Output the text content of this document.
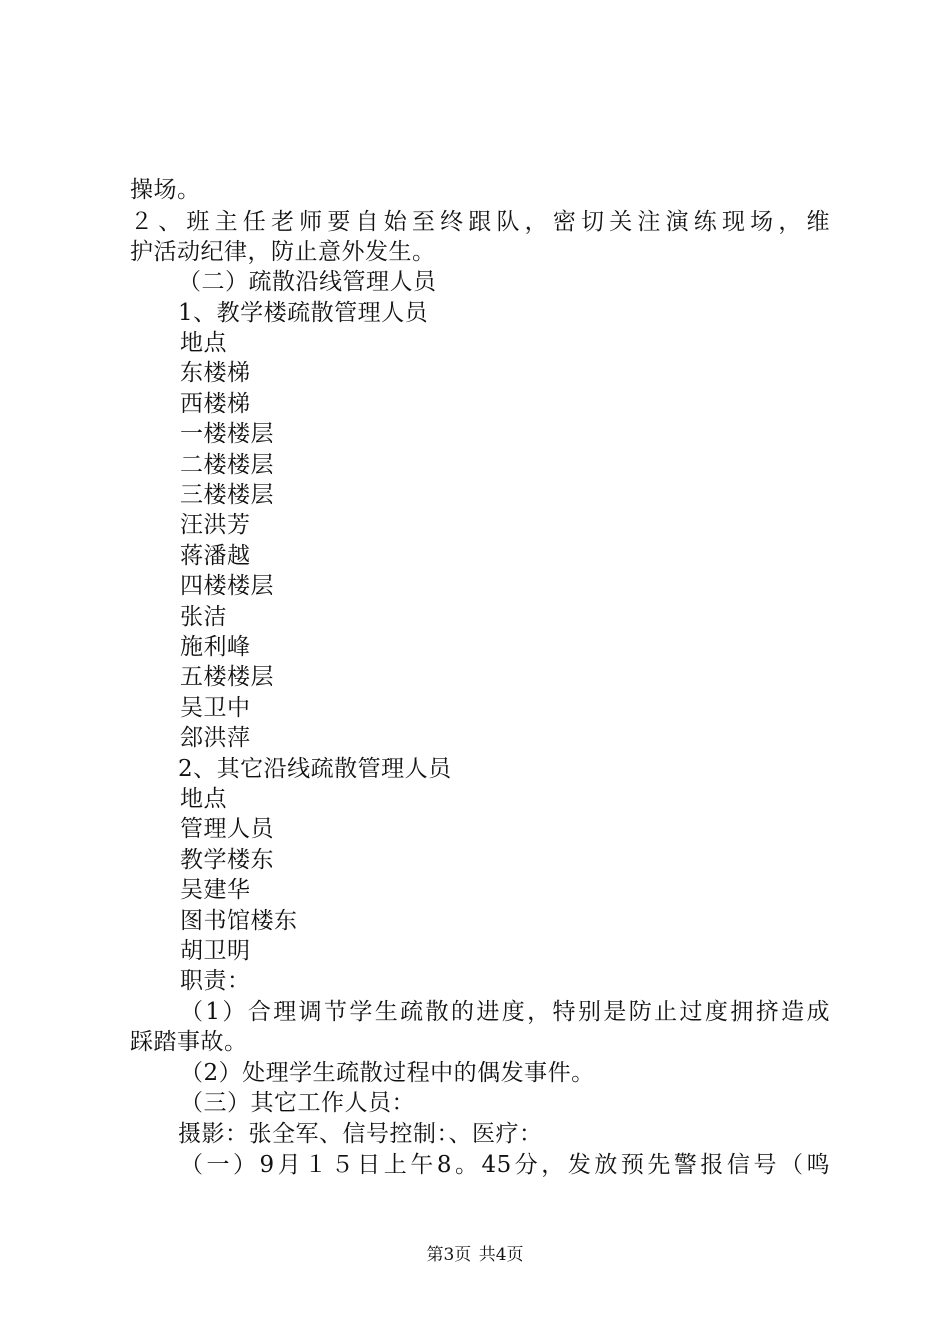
操场。
２、班主任老师要自始至终跟队，密切关注演练现场，维
护活动纪律，防止意外发生。
（二）疏散沿线管理人员
1、教学楼疏散管理人员
地点
东楼梯
西楼梯
一楼楼层
二楼楼层
三楼楼层
汪洪芳
蒋潘越
四楼楼层
张洁
施利峰
五楼楼层
吴卫中
郐洪萍
2、其它沿线疏散管理人员
地点
管理人员
教学楼东
吴建华
图书馆楼东
胡卫明
职责：
（1）合理调节学生疏散的进度，特别是防止过度拥挤造成
踩踏事故。
（2）处理学生疏散过程中的偶发事件。
（三）其它工作人员：
摄影：张全军、信号控制：、医疗：
（一）9月１５日上午8。45分，发放预先警报信号（鸣
第3页 共4页
